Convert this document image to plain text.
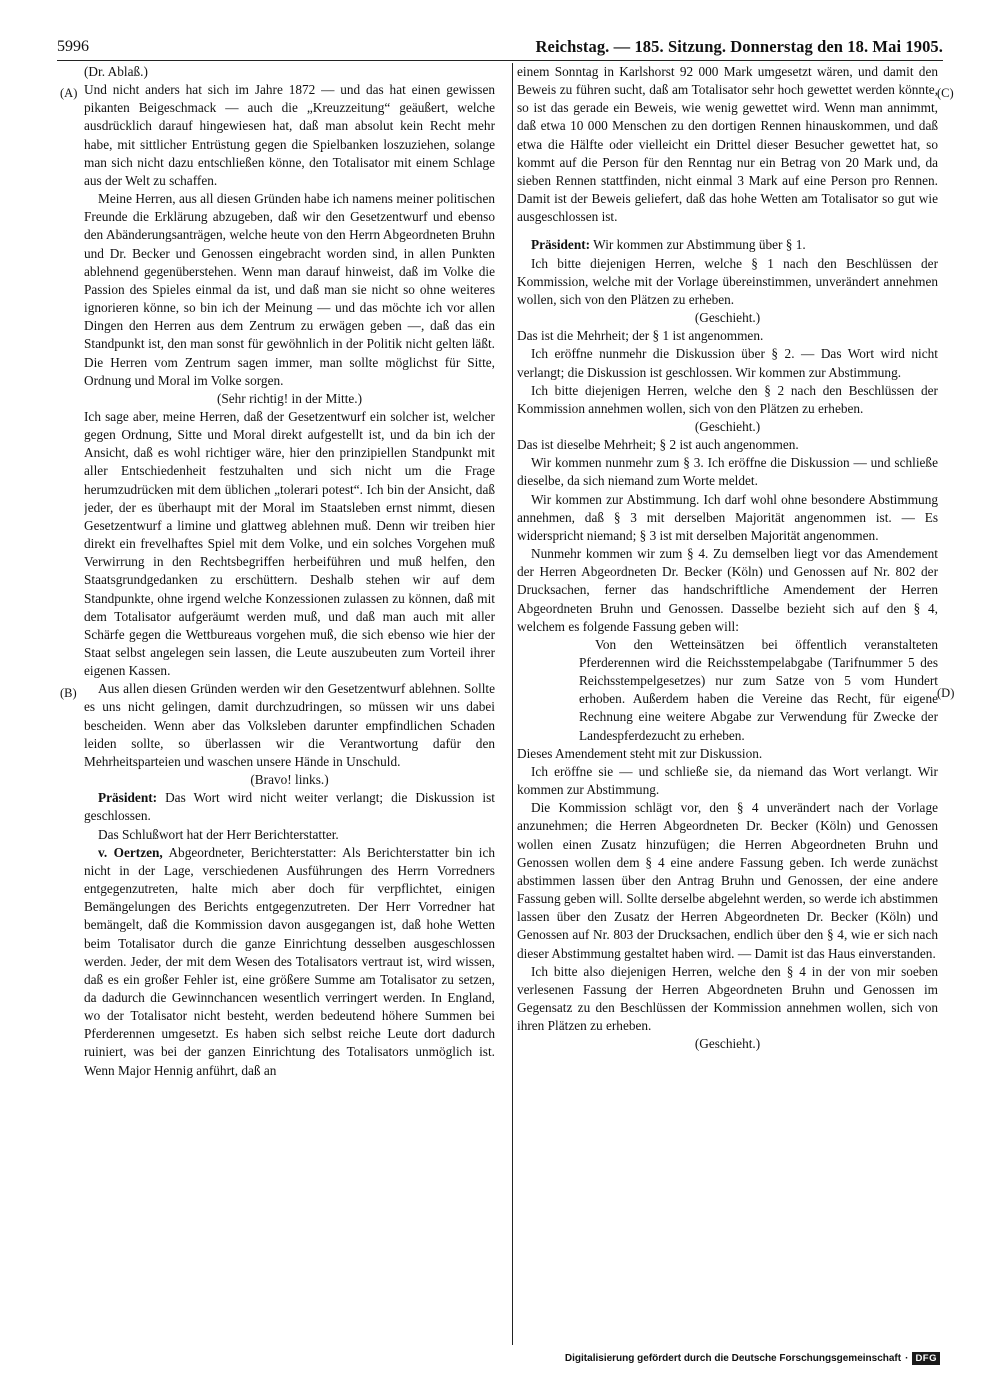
5996	Reichstag. — 185. Sitzung. Donnerstag den 18. Mai 1905.
(A)
(B)
(C)
(D)

(Dr. Ablaß.)

Und nicht anders hat sich im Jahre 1872 — und das hat einen gewissen pikanten Beigeschmack — auch die „Kreuzzeitung“ geäußert, welche ausdrücklich darauf hingewiesen hat, daß man absolut kein Recht mehr habe, mit sittlicher Entrüstung gegen die Spielbanken loszuziehen, solange man sich nicht dazu entschließen könne, den Totalisator mit einem Schlage aus der Welt zu schaffen.

Meine Herren, aus all diesen Gründen habe ich namens meiner politischen Freunde die Erklärung abzugeben, daß wir den Gesetzentwurf und ebenso den Abänderungsanträgen, welche heute von den Herrn Abgeordneten Bruhn und Dr. Becker und Genossen eingebracht worden sind, in allen Punkten ablehnend gegenüberstehen. Wenn man darauf hinweist, daß im Volke die Passion des Spieles einmal da ist, und daß man sie nicht so ohne weiteres ignorieren könne, so bin ich der Meinung — und das möchte ich vor allen Dingen den Herren aus dem Zentrum zu erwägen geben —, daß das ein Standpunkt ist, den man sonst für gewöhnlich in der Politik nicht gelten läßt. Die Herren vom Zentrum sagen immer, man sollte möglichst für Sitte, Ordnung und Moral im Volke sorgen.

(Sehr richtig! in der Mitte.)

Ich sage aber, meine Herren, daß der Gesetzentwurf ein solcher ist, welcher gegen Ordnung, Sitte und Moral direkt aufgestellt ist, und da bin ich der Ansicht, daß es wohl richtiger wäre, hier den prinzipiellen Standpunkt mit aller Entschiedenheit festzuhalten und sich nicht um die Frage herumzudrücken mit dem üblichen „tolerari potest“. Ich bin der Ansicht, daß jeder, der es überhaupt mit der Moral im Staatsleben ernst nimmt, diesen Gesetzentwurf a limine und glattweg ablehnen muß. Denn wir treiben hier direkt ein frevelhaftes Spiel mit dem Volke, und ein solches Vorgehen muß Verwirrung in den Rechtsbegriffen herbeiführen und muß helfen, den Staatsgrundgedanken zu erschüttern. Deshalb stehen wir auf dem Standpunkte, ohne irgend welche Konzessionen zulassen zu können, daß mit dem Totalisator aufgeräumt werden muß, und daß man auch mit aller Schärfe gegen die Wettbureaus vorgehen muß, die sich ebenso wie hier der Staat selbst angelegen sein lassen, die Leute auszubeuten zum Vorteil ihrer eigenen Kassen.

Aus allen diesen Gründen werden wir den Gesetzentwurf ablehnen. Sollte es uns nicht gelingen, damit durchzudringen, so müssen wir uns dabei bescheiden. Wenn aber das Volksleben darunter empfindlichen Schaden leiden sollte, so überlassen wir die Verantwortung dafür den Mehrheitsparteien und waschen unsere Hände in Unschuld.

(Bravo! links.)

Präsident: Das Wort wird nicht weiter verlangt; die Diskussion ist geschlossen.

Das Schlußwort hat der Herr Berichterstatter.

v. Oertzen, Abgeordneter, Berichterstatter: Als Berichterstatter bin ich nicht in der Lage, verschiedenen Ausführungen des Herrn Vorredners entgegenzutreten, halte mich aber doch für verpflichtet, einigen Bemängelungen des Berichts entgegenzutreten. Der Herr Vorredner hat bemängelt, daß die Kommission davon ausgegangen ist, daß hohe Wetten beim Totalisator durch die ganze Einrichtung desselben ausgeschlossen werden. Jeder, der mit dem Wesen des Totalisators vertraut ist, wird wissen, daß es ein großer Fehler ist, eine größere Summe am Totalisator zu setzen, da dadurch die Gewinnchancen wesentlich verringert werden. In England, wo der Totalisator nicht besteht, werden bedeutend höhere Summen bei Pferderennen umgesetzt. Es haben sich selbst reiche Leute dort dadurch ruiniert, was bei der ganzen Einrichtung des Totalisators unmöglich ist. Wenn Major Hennig anführt, daß an

einem Sonntag in Karlshorst 92 000 Mark umgesetzt wären, und damit den Beweis zu führen sucht, daß am Totalisator sehr hoch gewettet werden könnte, so ist das gerade ein Beweis, wie wenig gewettet wird. Wenn man annimmt, daß etwa 10 000 Menschen zu den dortigen Rennen hinauskommen, und daß etwa die Hälfte oder vielleicht ein Drittel dieser Besucher gewettet hat, so kommt auf die Person für den Renntag nur ein Betrag von 20 Mark und, da sieben Rennen stattfinden, nicht einmal 3 Mark auf eine Person pro Rennen. Damit ist der Beweis geliefert, daß das hohe Wetten am Totalisator so gut wie ausgeschlossen ist.

Präsident: Wir kommen zur Abstimmung über § 1.

Ich bitte diejenigen Herren, welche § 1 nach den Beschlüssen der Kommission, welche mit der Vorlage übereinstimmen, unverändert annehmen wollen, sich von den Plätzen zu erheben.

(Geschieht.)

Das ist die Mehrheit; der § 1 ist angenommen.

Ich eröffne nunmehr die Diskussion über § 2. — Das Wort wird nicht verlangt; die Diskussion ist geschlossen. Wir kommen zur Abstimmung.

Ich bitte diejenigen Herren, welche den § 2 nach den Beschlüssen der Kommission annehmen wollen, sich von den Plätzen zu erheben.

(Geschieht.)

Das ist dieselbe Mehrheit; § 2 ist auch angenommen.

Wir kommen nunmehr zum § 3. Ich eröffne die Diskussion — und schließe dieselbe, da sich niemand zum Worte meldet.

Wir kommen zur Abstimmung. Ich darf wohl ohne besondere Abstimmung annehmen, daß § 3 mit derselben Majorität angenommen ist. — Es widerspricht niemand; § 3 ist mit derselben Majorität angenommen.

Nunmehr kommen wir zum § 4. Zu demselben liegt vor das Amendement der Herren Abgeordneten Dr. Becker (Köln) und Genossen auf Nr. 802 der Drucksachen, ferner das handschriftliche Amendement der Herren Abgeordneten Bruhn und Genossen. Dasselbe bezieht sich auf den § 4, welchem es folgende Fassung geben will:

Von den Wetteinsätzen bei öffentlich veranstalteten Pferderennen wird die Reichsstempelabgabe (Tarifnummer 5 des Reichsstempelgesetzes) nur zum Satze von 5 vom Hundert erhoben. Außerdem haben die Vereine das Recht, für eigene Rechnung eine weitere Abgabe zur Verwendung für Zwecke der Landespferdezucht zu erheben.

Dieses Amendement steht mit zur Diskussion.

Ich eröffne sie — und schließe sie, da niemand das Wort verlangt. Wir kommen zur Abstimmung.

Die Kommission schlägt vor, den § 4 unverändert nach der Vorlage anzunehmen; die Herren Abgeordneten Dr. Becker (Köln) und Genossen wollen einen Zusatz hinzufügen; die Herren Abgeordneten Bruhn und Genossen wollen dem § 4 eine andere Fassung geben. Ich werde zunächst abstimmen lassen über den Antrag Bruhn und Genossen, der eine andere Fassung geben will. Sollte derselbe abgelehnt werden, so werde ich abstimmen lassen über den Zusatz der Herren Abgeordneten Dr. Becker (Köln) und Genossen auf Nr. 803 der Drucksachen, endlich über den § 4, wie er sich nach dieser Abstimmung gestaltet haben wird. — Damit ist das Haus einverstanden.

Ich bitte also diejenigen Herren, welche den § 4 in der von mir soeben verlesenen Fassung der Herren Abgeordneten Bruhn und Genossen im Gegensatz zu den Beschlüssen der Kommission annehmen wollen, sich von ihren Plätzen zu erheben.

(Geschieht.)

Digitalisierung gefördert durch die Deutsche Forschungsgemeinschaft · DFG
